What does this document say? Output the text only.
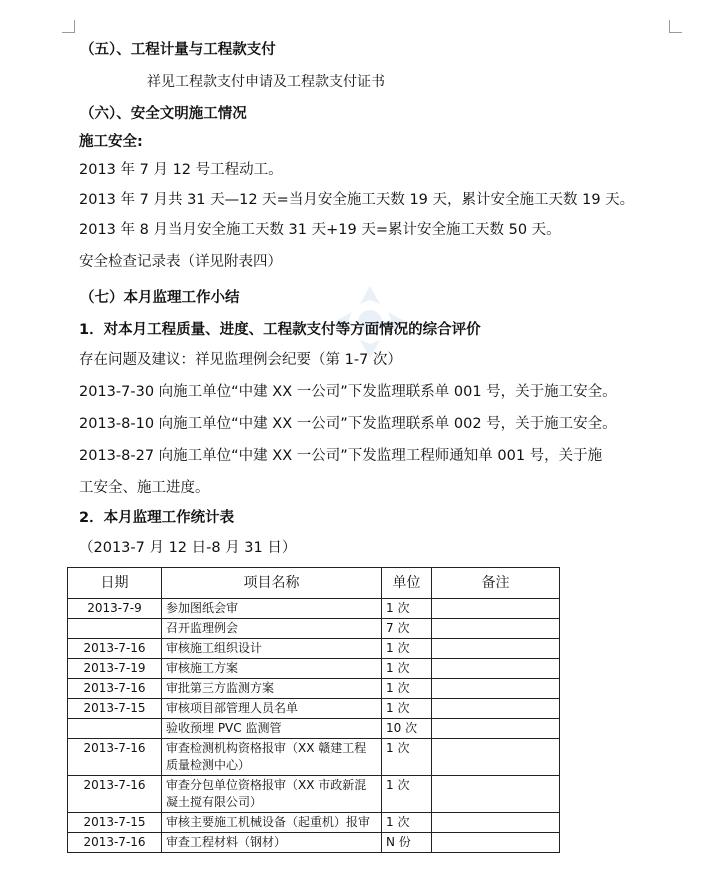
（五）、工程计量与工程款支付
祥见工程款支付申请及工程款支付证书
（六）、安全文明施工情况
施工安全:
2013 年 7 月 12 号工程动工。
2013 年 7 月共 31 天—12 天=当月安全施工天数 19 天，累计安全施工天数 19 天。
2013 年 8 月当月安全施工天数 31 天+19 天=累计安全施工天数 50 天。
安全检查记录表（详见附表四）
（七）本月监理工作小结
1．对本月工程质量、进度、工程款支付等方面情况的综合评价
存在问题及建议：祥见监理例会纪要（第 1-7 次）
2013-7-30 向施工单位“中建 XX 一公司”下发监理联系单 001 号，关于施工安全。
2013-8-10 向施工单位“中建 XX 一公司”下发监理联系单 002 号，关于施工安全。
2013-8-27 向施工单位“中建 XX 一公司”下发监理工程师通知单 001 号，关于施
工安全、施工进度。
2．本月监理工作统计表
（2013-7 月 12 日-8 月 31 日）
日期	项目名称	单位	备注
2013-7-9	参加图纸会审	1 次	
	召开监理例会	7 次	
2013-7-16	审核施工组织设计	1 次	
2013-7-19	审核施工方案	1 次	
2013-7-16	审批第三方监测方案	1 次	
2013-7-15	审核项目部管理人员名单	1 次	
	验收预埋 PVC 监测管	10 次	
2013-7-16	审查检测机构资格报审（XX 赣建工程质量检测中心）	1 次	
2013-7-16	审查分包单位资格报审（XX 市政新混凝土搅有限公司）	1 次	
2013-7-15	审核主要施工机械设备（起重机）报审	1 次	
2013-7-16	审查工程材料（钢材）	N 份	
